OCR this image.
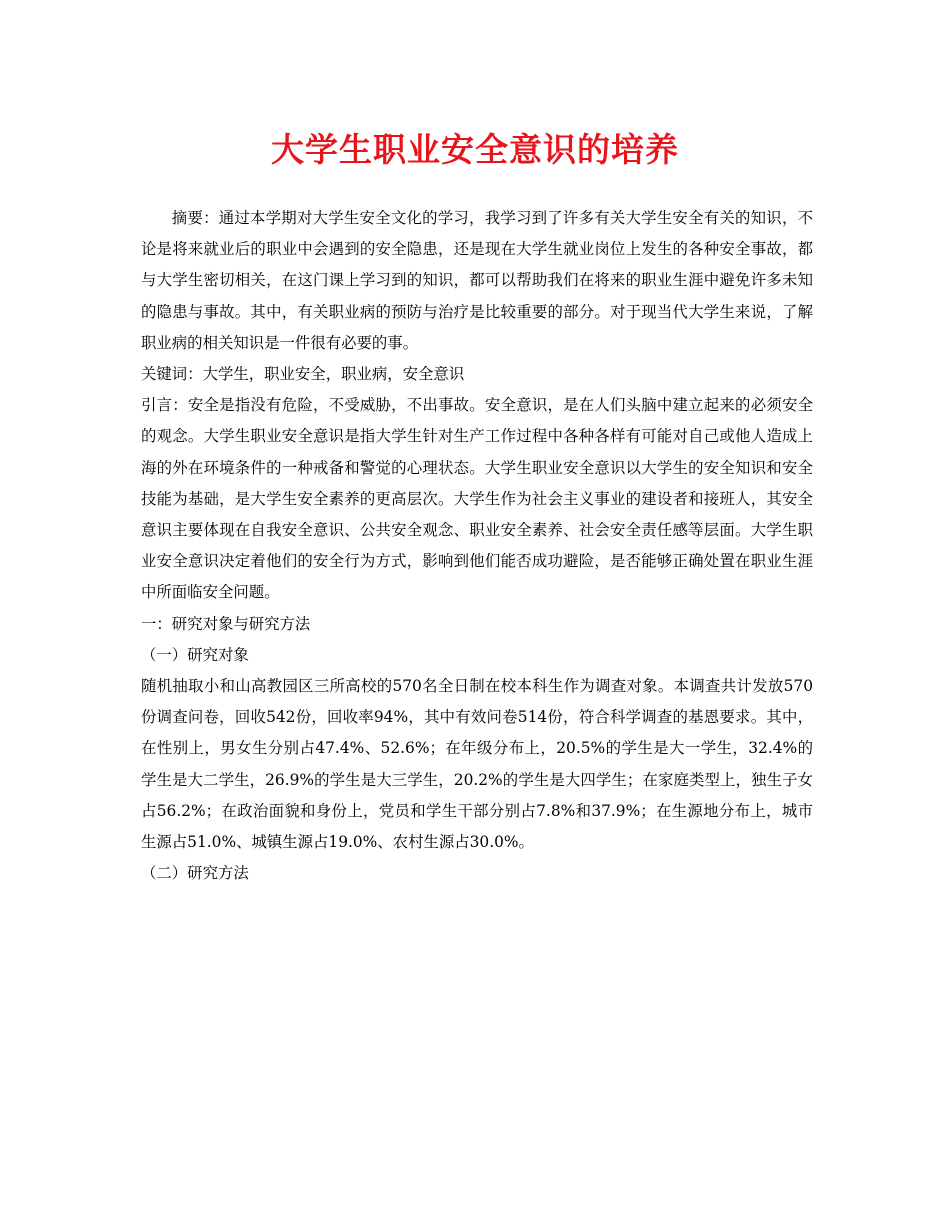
大学生职业安全意识的培养

摘要：通过本学期对大学生安全文化的学习，我学习到了许多有关大学生安全有关的知识，不论是将来就业后的职业中会遇到的安全隐患，还是现在大学生就业岗位上发生的各种安全事故，都与大学生密切相关，在这门课上学习到的知识，都可以帮助我们在将来的职业生涯中避免许多未知的隐患与事故。其中，有关职业病的预防与治疗是比较重要的部分。对于现当代大学生来说，了解职业病的相关知识是一件很有必要的事。

关键词：大学生，职业安全，职业病，安全意识

引言：安全是指没有危险，不受威胁，不出事故。安全意识，是在人们头脑中建立起来的必须安全的观念。大学生职业安全意识是指大学生针对生产工作过程中各种各样有可能对自己或他人造成上海的外在环境条件的一种戒备和警觉的心理状态。大学生职业安全意识以大学生的安全知识和安全技能为基础，是大学生安全素养的更高层次。大学生作为社会主义事业的建设者和接班人，其安全意识主要体现在自我安全意识、公共安全观念、职业安全素养、社会安全责任感等层面。大学生职业安全意识决定着他们的安全行为方式，影响到他们能否成功避险，是否能够正确处置在职业生涯中所面临安全问题。

一：研究对象与研究方法

（一）研究对象

随机抽取小和山高教园区三所高校的570名全日制在校本科生作为调查对象。本调查共计发放570份调查问卷，回收542份，回收率94%，其中有效问卷514份，符合科学调查的基恩要求。其中，在性别上，男女生分别占47.4%、52.6%；在年级分布上，20.5%的学生是大一学生，32.4%的学生是大二学生，26.9%的学生是大三学生，20.2%的学生是大四学生；在家庭类型上，独生子女占56.2%；在政治面貌和身份上，党员和学生干部分别占7.8%和37.9%；在生源地分布上，城市生源占51.0%、城镇生源占19.0%、农村生源占30.0%。

（二）研究方法
